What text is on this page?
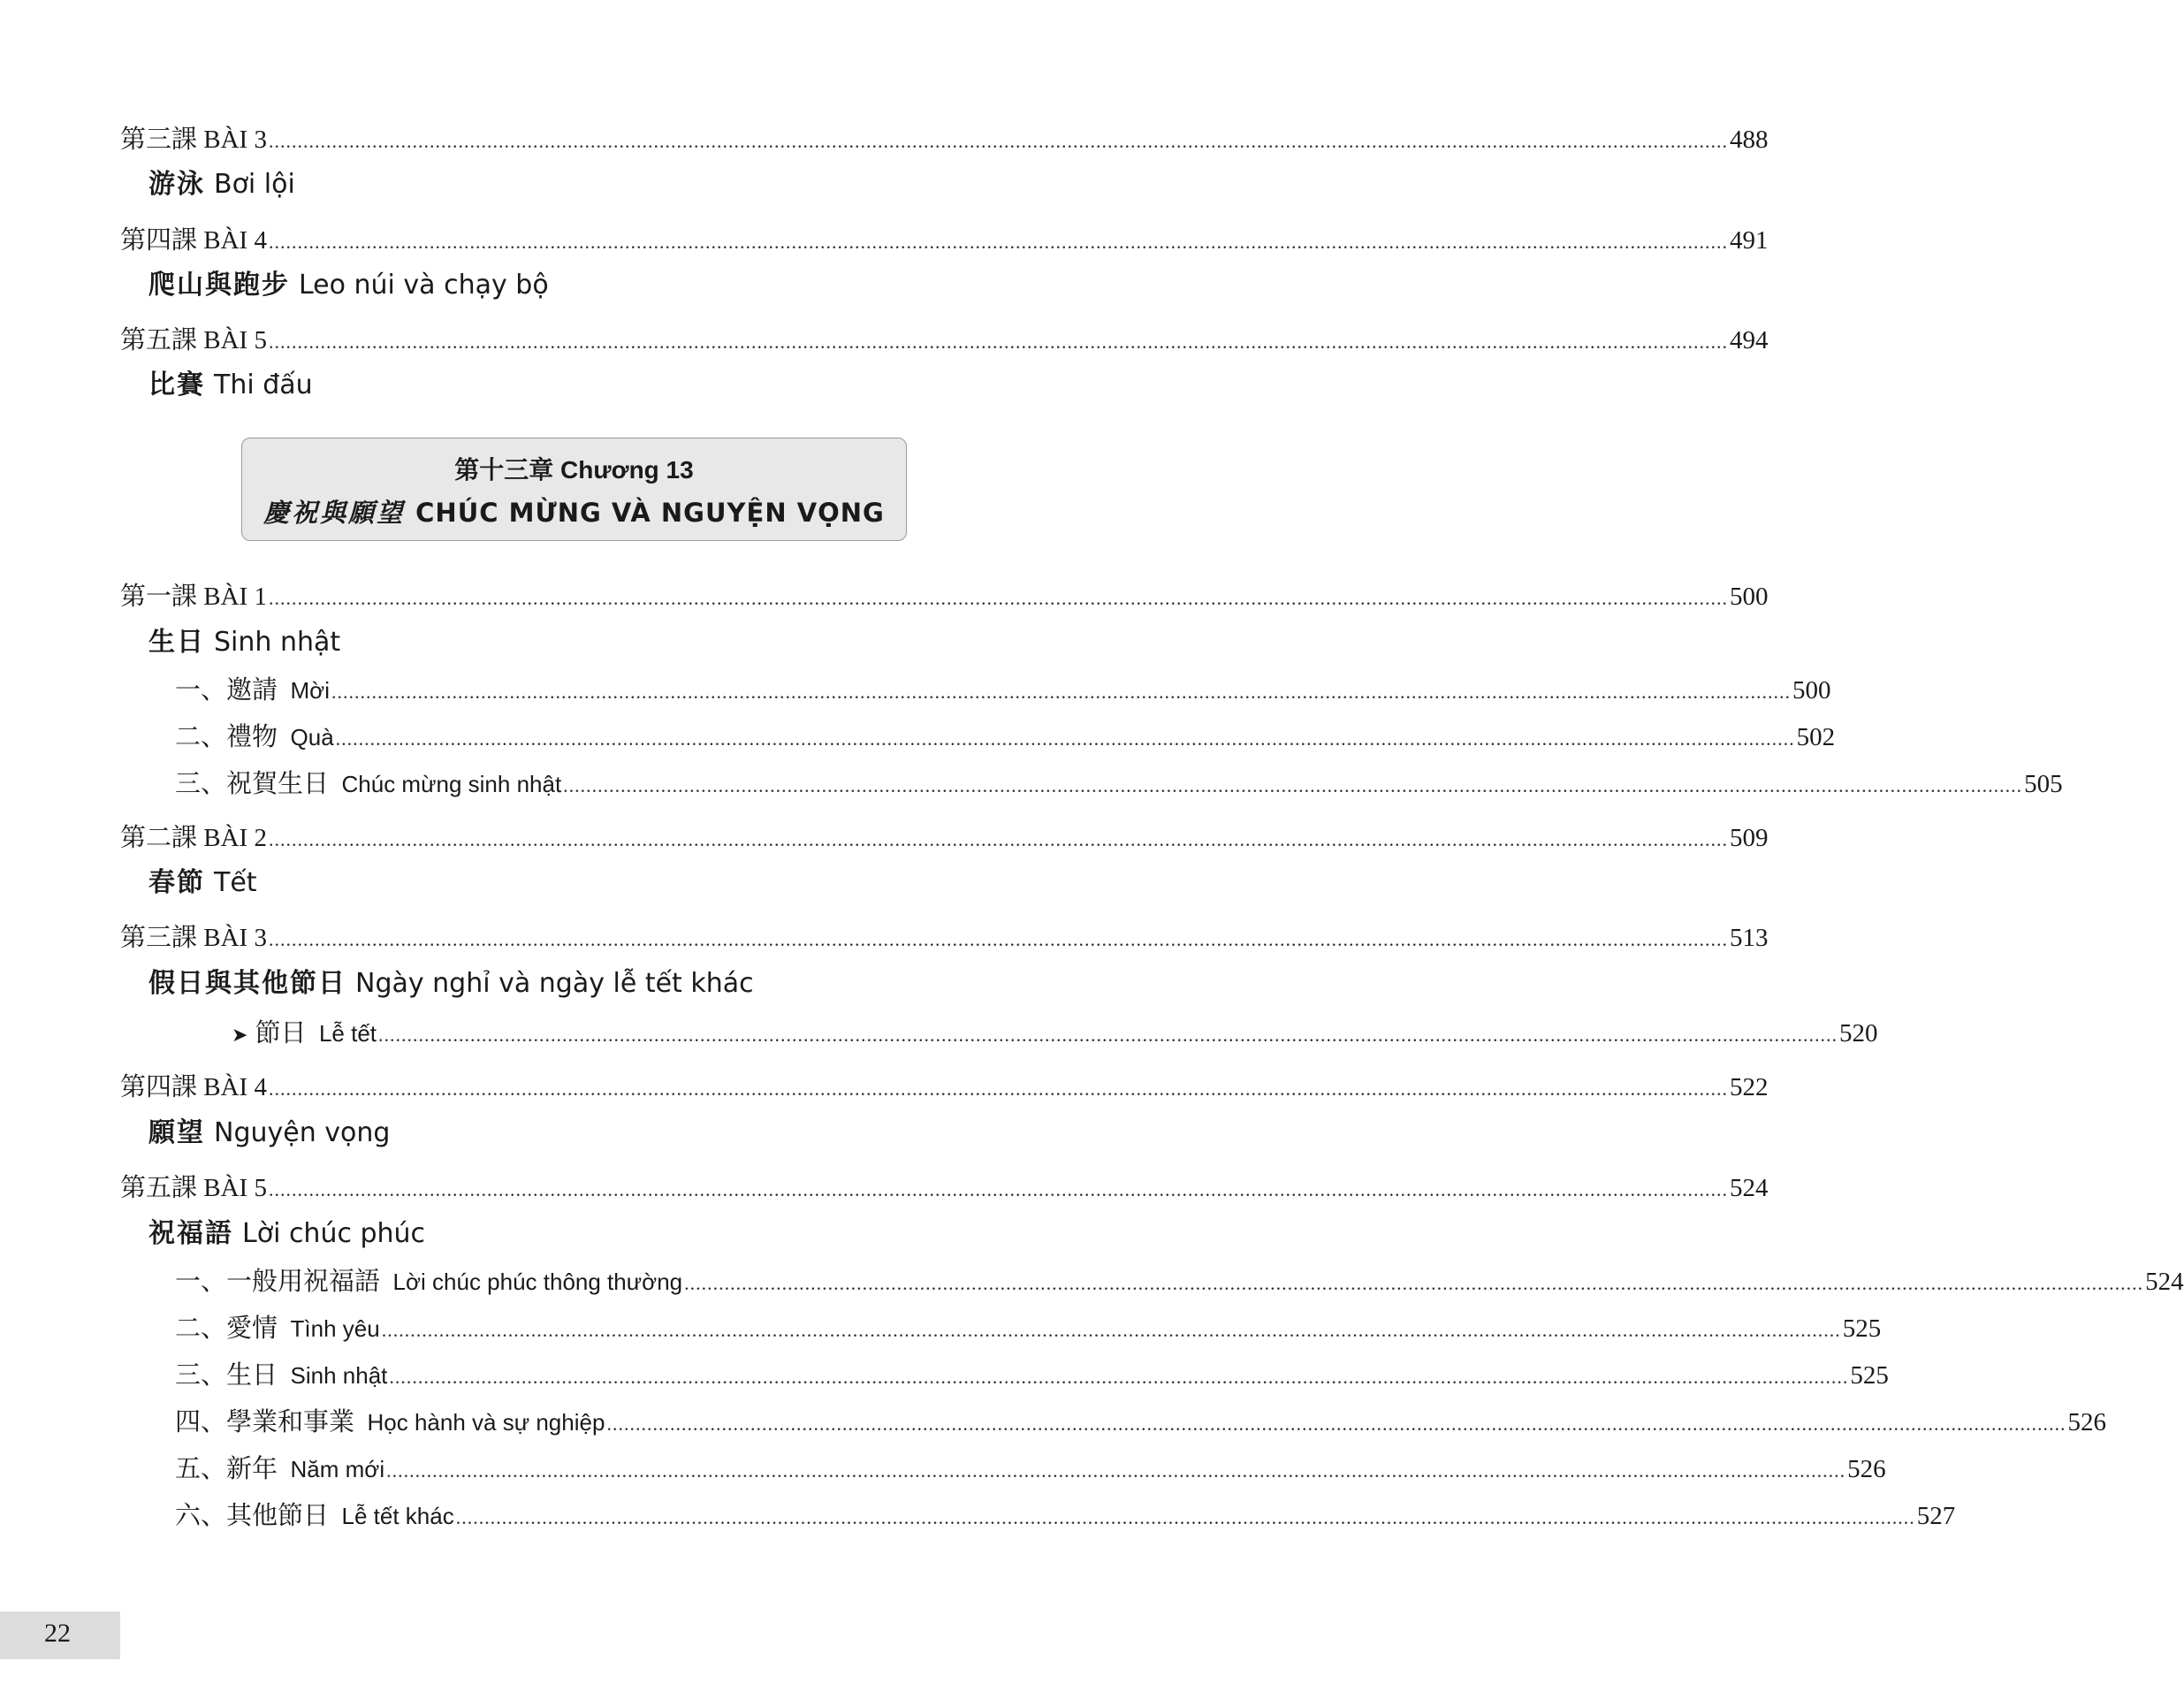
第三課 BÀI 3 .............................................................................................................................................................................................................................................................. 488
游泳 Bơi lội
第四課 BÀI 4 .............................................................................................................................................................................................................................................................. 491
爬山與跑步 Leo núi và chạy bộ
第五課 BÀI 5 .............................................................................................................................................................................................................................................................. 494
比賽 Thi đấu
第十三章 Chương 13
慶祝與願望 CHÚC MỪNG VÀ NGUYỆN VỌNG
第一課 BÀI 1 .............................................................................................................................................................................................................................................................. 500
生日 Sinh nhật
一、邀請 Mời .............................................................................................................................................................................................................................................................. 500
二、禮物 Quà .............................................................................................................................................................................................................................................................. 502
三、祝賀生日 Chúc mừng sinh nhật .............................................................................................................................................................................................................................................................. 505
第二課 BÀI 2 .............................................................................................................................................................................................................................................................. 509
春節 Tết
第三課 BÀI 3 .............................................................................................................................................................................................................................................................. 513
假日與其他節日 Ngày nghỉ và ngày lễ tết khác
➤ 節日 Lễ tết .............................................................................................................................................................................................................................................................. 520
第四課 BÀI 4 .............................................................................................................................................................................................................................................................. 522
願望 Nguyện vọng
第五課 BÀI 5 .............................................................................................................................................................................................................................................................. 524
祝福語 Lời chúc phúc
一、一般用祝福語 Lời chúc phúc thông thường .............................................................................................................................................................................................................................................................. 524
二、愛情 Tình yêu .............................................................................................................................................................................................................................................................. 525
三、生日 Sinh nhật .............................................................................................................................................................................................................................................................. 525
四、學業和事業 Học hành và sự nghiệp .............................................................................................................................................................................................................................................................. 526
五、新年 Năm mới .............................................................................................................................................................................................................................................................. 526
六、其他節日 Lễ tết khác .............................................................................................................................................................................................................................................................. 527
22
